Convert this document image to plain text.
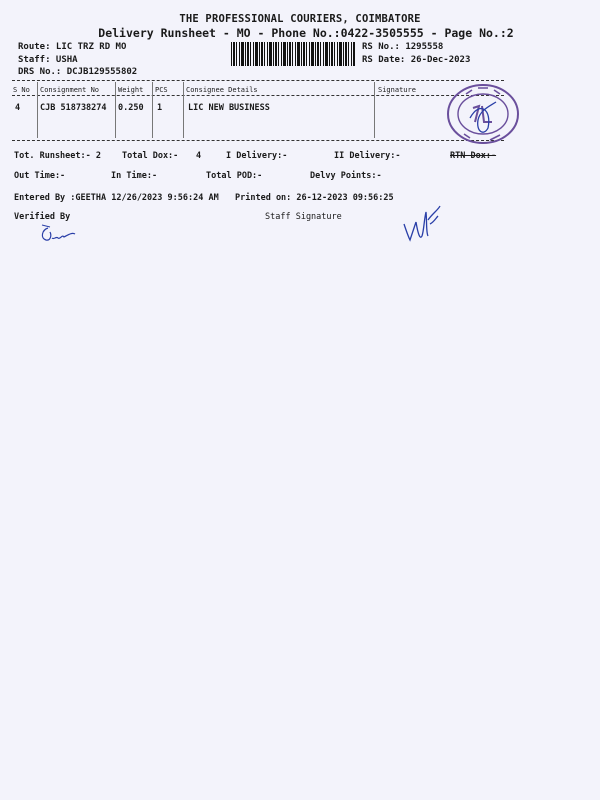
THE PROFESSIONAL COURIERS, COIMBATORE
Delivery Runsheet - MO - Phone No.:0422-3505555 - Page No.:2
Route: LIC TRZ RD MO
Staff: USHA
DRS No.: DCJB129555802
RS No.: 1295558
RS Date: 26-Dec-2023
S No Consignment No	Weight PCS	Consignee Details	Signature
4 CJB 518738274 0.250 1	LIC NEW BUSINESS
Tot. Runsheet:- 2 Total Dox:- 4	I Delivery:-	II Delivery:-	RTN Dox:-
Out Time:-	In Time:-	Total POD:-	Delvy Points:-
Entered By :GEETHA 12/26/2023 9:56:24 AM Printed on: 26-12-2023 09:56:25
Verified By	Staff Signature
